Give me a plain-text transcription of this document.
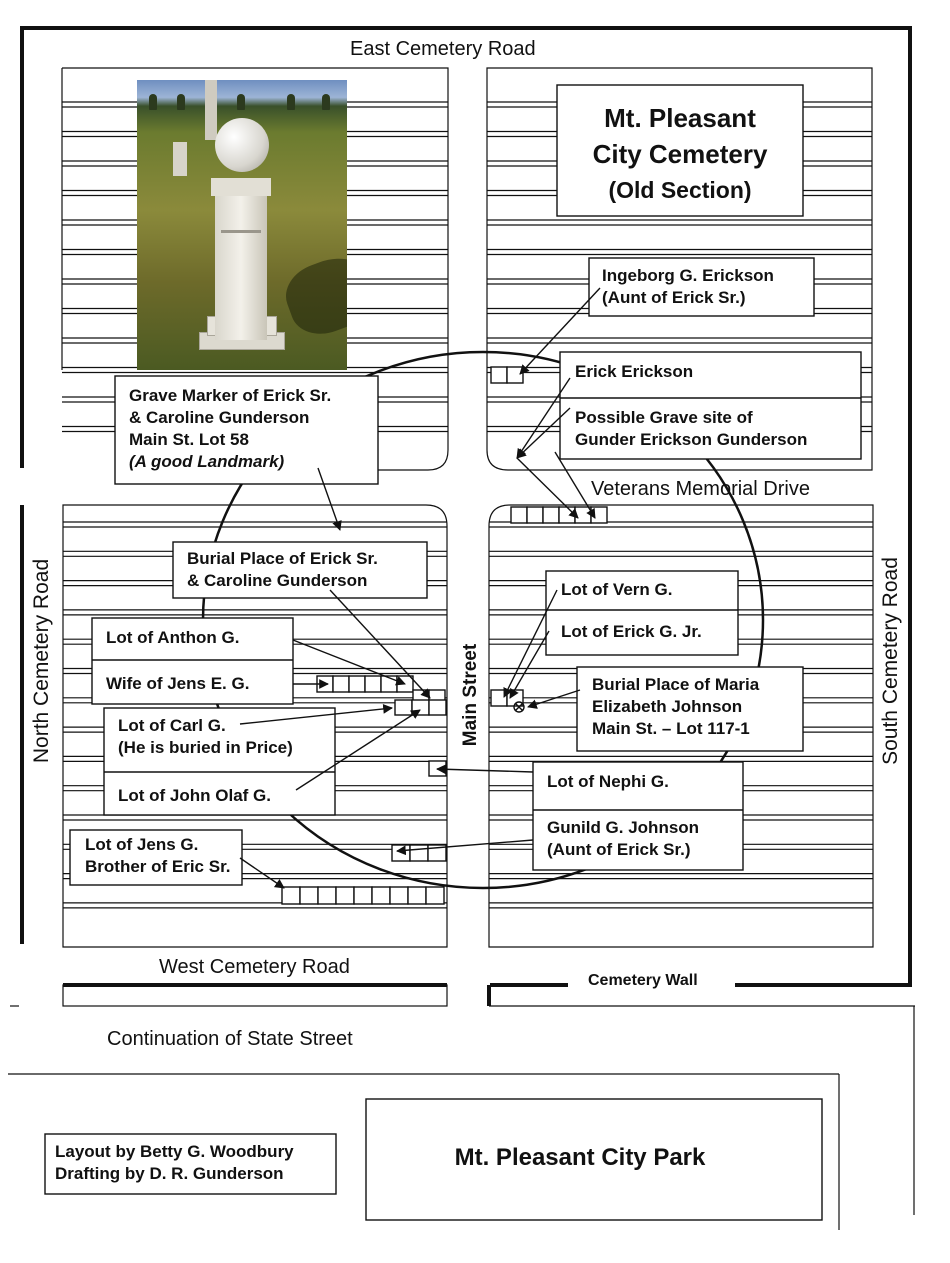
East Cemetery Road
West Cemetery Road
Veterans Memorial Drive
Continuation of State Street
Cemetery Wall
North Cemetery Road	South Cemetery Road
Main Street
Mt. Pleasant
City Cemetery
(Old Section)
Ingeborg G. Erickson
(Aunt of Erick Sr.)
Erick Erickson
Possible Grave site of
Gunder Erickson Gunderson
Grave Marker of Erick Sr.
& Caroline Gunderson
Main St. Lot 58
(A good Landmark)
Burial Place of Erick Sr.
& Caroline Gunderson	Lot of Vern G.
Lot of Erick G. Jr.
Lot of Anthon G.
Wife of Jens E. G.
Lot of Carl G.
(He is buried in Price)
Lot of John Olaf G.
Burial Place of Maria
Elizabeth Johnson
Main St. – Lot 117-1
Lot of Nephi G.
Gunild G. Johnson
(Aunt of Erick Sr.)
Lot of Jens G.
Brother of Eric Sr.
Layout by Betty G. Woodbury
Drafting by D. R. Gunderson
Mt. Pleasant City Park
